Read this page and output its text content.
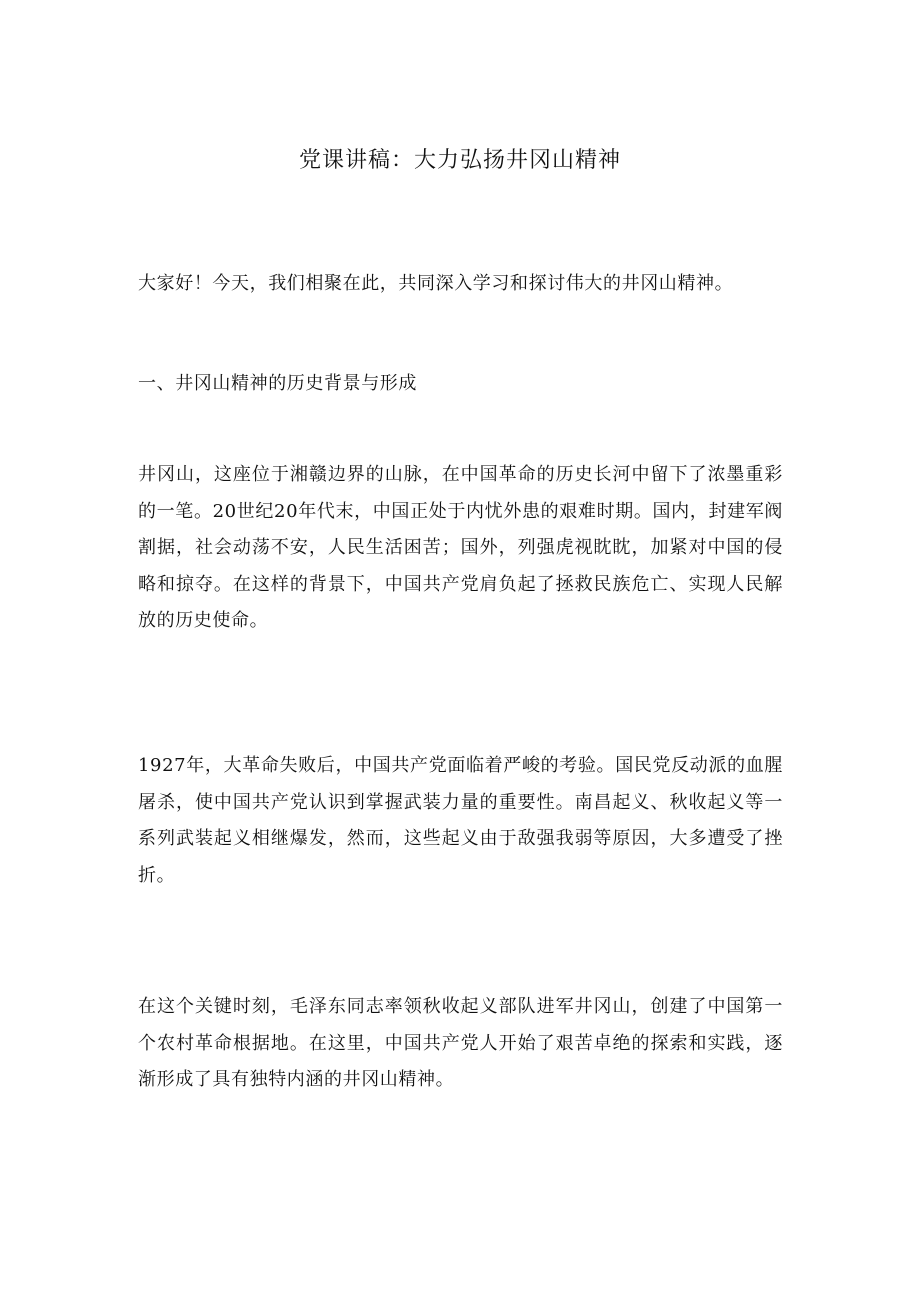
党课讲稿：大力弘扬井冈山精神
大家好！今天，我们相聚在此，共同深入学习和探讨伟大的井冈山精神。
一、井冈山精神的历史背景与形成
井冈山，这座位于湘赣边界的山脉，在中国革命的历史长河中留下了浓墨重彩的一笔。20世纪20年代末，中国正处于内忧外患的艰难时期。国内，封建军阀割据，社会动荡不安，人民生活困苦；国外，列强虎视眈眈，加紧对中国的侵略和掠夺。在这样的背景下，中国共产党肩负起了拯救民族危亡、实现人民解放的历史使命。
1927年，大革命失败后，中国共产党面临着严峻的考验。国民党反动派的血腥屠杀，使中国共产党认识到掌握武装力量的重要性。南昌起义、秋收起义等一系列武装起义相继爆发，然而，这些起义由于敌强我弱等原因，大多遭受了挫折。
在这个关键时刻，毛泽东同志率领秋收起义部队进军井冈山，创建了中国第一个农村革命根据地。在这里，中国共产党人开始了艰苦卓绝的探索和实践，逐渐形成了具有独特内涵的井冈山精神。
